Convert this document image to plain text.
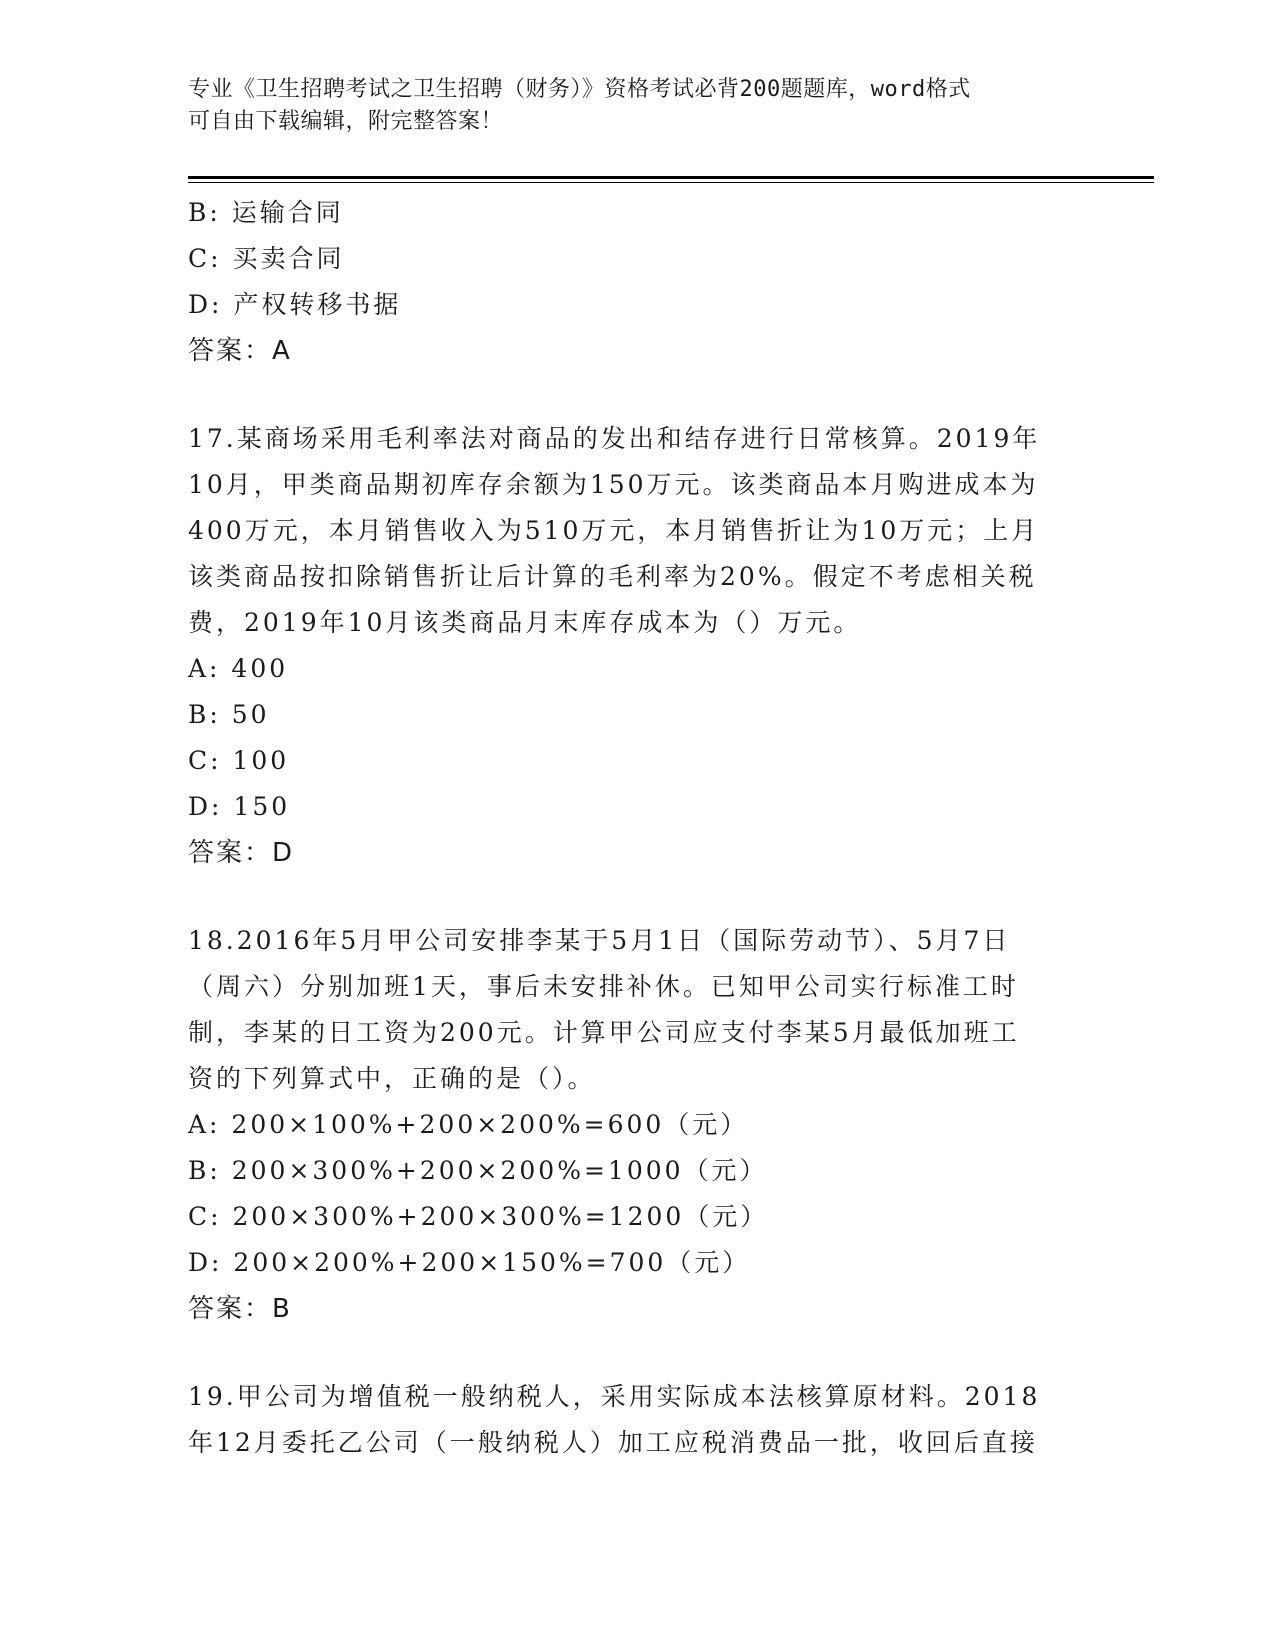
专业《卫生招聘考试之卫生招聘（财务）》资格考试必背200题题库，word格式
可自由下载编辑，附完整答案！
B: 运输合同
C: 买卖合同
D: 产权转移书据
答案：A
17.某商场采用毛利率法对商品的发出和结存进行日常核算。2019年
10月，甲类商品期初库存余额为150万元。该类商品本月购进成本为
400万元，本月销售收入为510万元，本月销售折让为10万元；上月
该类商品按扣除销售折让后计算的毛利率为20%。假定不考虑相关税
费，2019年10月该类商品月末库存成本为（）万元。
A: 400
B: 50
C: 100
D: 150
答案：D
18.2016年5月甲公司安排李某于5月1日（国际劳动节）、5月7日
（周六）分别加班1天，事后未安排补休。已知甲公司实行标准工时
制，李某的日工资为200元。计算甲公司应支付李某5月最低加班工
资的下列算式中，正确的是（）。
A: 200×100%+200×200%=600（元）
B: 200×300%+200×200%=1000（元）
C: 200×300%+200×300%=1200（元）
D: 200×200%+200×150%=700（元）
答案：B
19.甲公司为增值税一般纳税人，采用实际成本法核算原材料。2018
年12月委托乙公司（一般纳税人）加工应税消费品一批，收回后直接
